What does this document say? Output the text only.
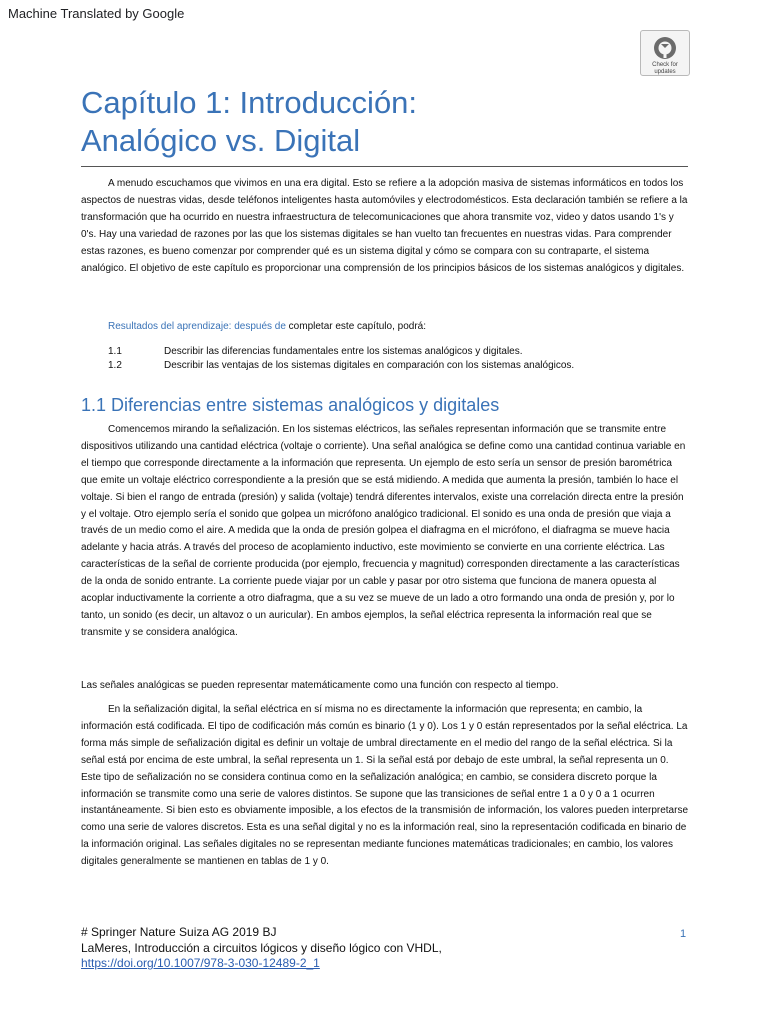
Machine Translated by Google
Check for
updates
Capítulo 1: Introducción:
Analógico vs. Digital

A menudo escuchamos que vivimos en una era digital. Esto se refiere a la adopción masiva de sistemas informáticos en todos los aspectos de nuestras vidas, desde teléfonos inteligentes hasta automóviles y electrodomésticos. Esta declaración también se refiere a la transformación que ha ocurrido en nuestra infraestructura de telecomunicaciones que ahora transmite voz, video y datos usando 1's y 0's. Hay una variedad de razones por las que los sistemas digitales se han vuelto tan frecuentes en nuestras vidas. Para comprender estas razones, es bueno comenzar por comprender qué es un sistema digital y cómo se compara con su contraparte, el sistema analógico. El objetivo de este capítulo es proporcionar una comprensión de los principios básicos de los sistemas analógicos y digitales.

Resultados del aprendizaje: después de completar este capítulo, podrá:

1.1	Describir las diferencias fundamentales entre los sistemas analógicos y digitales.
1.2	Describir las ventajas de los sistemas digitales en comparación con los sistemas analógicos.
1.1 Diferencias entre sistemas analógicos y digitales

Comencemos mirando la señalización. En los sistemas eléctricos, las señales representan información que se transmite entre dispositivos utilizando una cantidad eléctrica (voltaje o corriente). Una señal analógica se define como una cantidad continua variable en el tiempo que corresponde directamente a la información que representa. Un ejemplo de esto sería un sensor de presión barométrica que emite un voltaje eléctrico correspondiente a la presión que se está midiendo. A medida que aumenta la presión, también lo hace el voltaje. Si bien el rango de entrada (presión) y salida (voltaje) tendrá diferentes intervalos, existe una correlación directa entre la presión y el voltaje. Otro ejemplo sería el sonido que golpea un micrófono analógico tradicional. El sonido es una onda de presión que viaja a través de un medio como el aire. A medida que la onda de presión golpea el diafragma en el micrófono, el diafragma se mueve hacia adelante y hacia atrás. A través del proceso de acoplamiento inductivo, este movimiento se convierte en una corriente eléctrica. Las características de la señal de corriente producida (por ejemplo, frecuencia y magnitud) corresponden directamente a las características de la onda de sonido entrante. La corriente puede viajar por un cable y pasar por otro sistema que funciona de manera opuesta al acoplar inductivamente la corriente a otro diafragma, que a su vez se mueve de un lado a otro formando una onda de presión y, por lo tanto, un sonido (es decir, un altavoz o un auricular). En ambos ejemplos, la señal eléctrica representa la información real que se transmite y se considera analógica.

Las señales analógicas se pueden representar matemáticamente como una función con respecto al tiempo.

En la señalización digital, la señal eléctrica en sí misma no es directamente la información que representa; en cambio, la información está codificada. El tipo de codificación más común es binario (1 y 0). Los 1 y 0 están representados por la señal eléctrica. La forma más simple de señalización digital es definir un voltaje de umbral directamente en el medio del rango de la señal eléctrica. Si la señal está por encima de este umbral, la señal representa un 1. Si la señal está por debajo de este umbral, la señal representa un 0. Este tipo de señalización no se considera continua como en la señalización analógica; en cambio, se considera discreto porque la información se transmite como una serie de valores distintos. Se supone que las transiciones de señal entre 1 a 0 y 0 a 1 ocurren instantáneamente. Si bien esto es obviamente imposible, a los efectos de la transmisión de información, los valores pueden interpretarse como una serie de valores discretos. Esta es una señal digital y no es la información real, sino la representación codificada en binario de la información original. Las señales digitales no se representan mediante funciones matemáticas tradicionales; en cambio, los valores digitales generalmente se mantienen en tablas de 1 y 0.

# Springer Nature Suiza AG 2019 BJ
LaMeres, Introducción a circuitos lógicos y diseño lógico con VHDL,
https://doi.org/10.1007/978-3-030-12489-2_1
1
